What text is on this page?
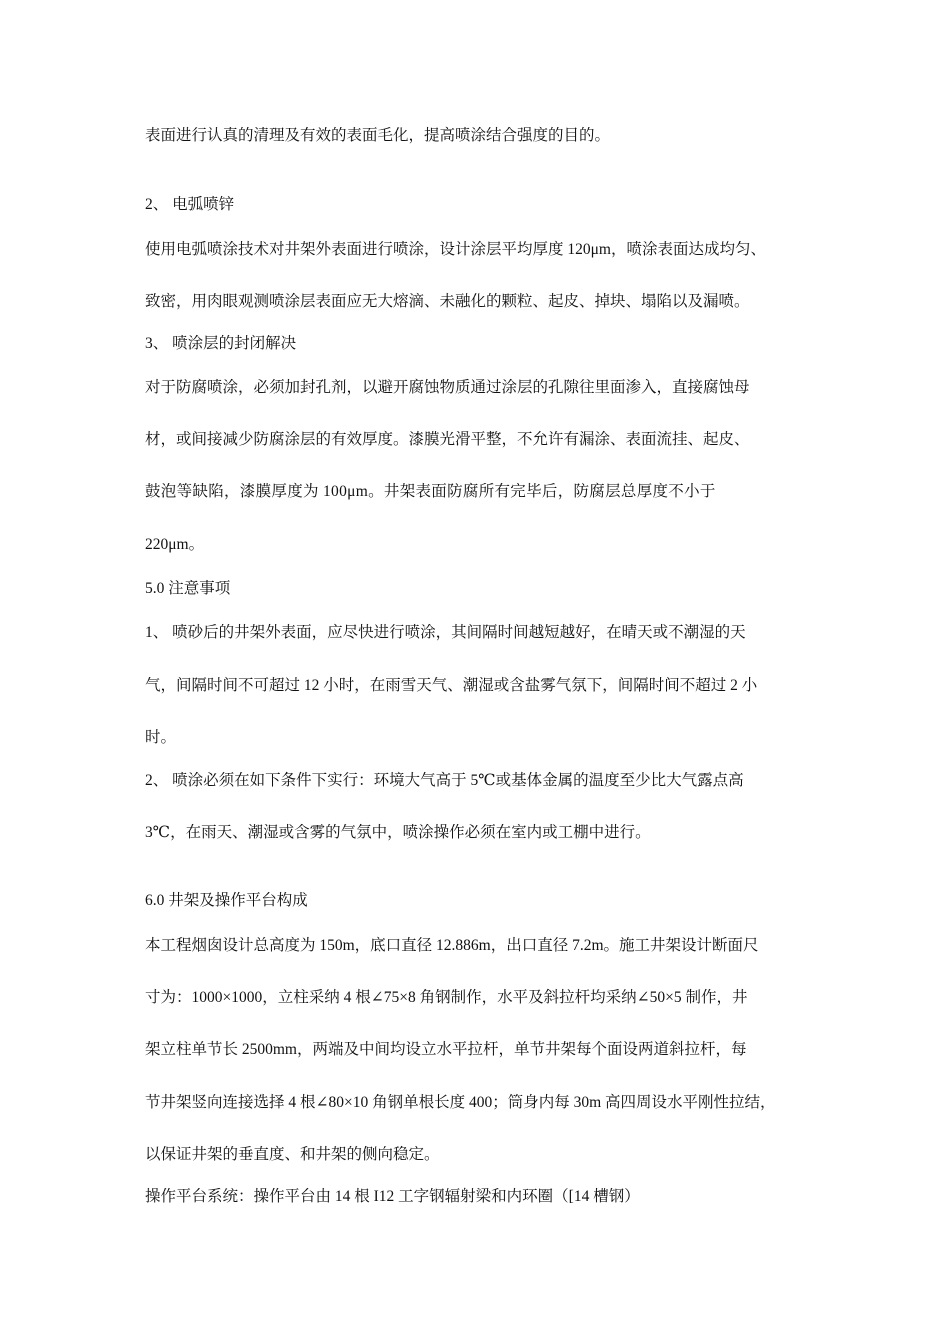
表面进行认真的清理及有效的表面毛化，提高喷涂结合强度的目的。
2、 电弧喷锌
使用电弧喷涂技术对井架外表面进行喷涂，设计涂层平均厚度 120μm，喷涂表面达成均匀、
致密，用肉眼观测喷涂层表面应无大熔滴、未融化的颗粒、起皮、掉块、塌陷以及漏喷。
3、 喷涂层的封闭解决
对于防腐喷涂，必须加封孔剂，以避开腐蚀物质通过涂层的孔隙往里面渗入，直接腐蚀母
材，或间接减少防腐涂层的有效厚度。漆膜光滑平整，不允许有漏涂、表面流挂、起皮、
鼓泡等缺陷，漆膜厚度为 100μm。井架表面防腐所有完毕后，防腐层总厚度不小于
220μm。
5.0 注意事项
1、 喷砂后的井架外表面，应尽快进行喷涂，其间隔时间越短越好，在晴天或不潮湿的天
气，间隔时间不可超过 12 小时，在雨雪天气、潮湿或含盐雾气氛下，间隔时间不超过 2 小
时。
2、 喷涂必须在如下条件下实行：环境大气高于 5℃或基体金属的温度至少比大气露点高
3℃，在雨天、潮湿或含雾的气氛中，喷涂操作必须在室内或工棚中进行。
6.0 井架及操作平台构成
本工程烟囱设计总高度为 150m，底口直径 12.886m，出口直径 7.2m。施工井架设计断面尺
寸为：1000×1000，立柱采纳 4 根∠75×8 角钢制作，水平及斜拉杆均采纳∠50×5 制作，井
架立柱单节长 2500mm，两端及中间均设立水平拉杆，单节井架每个面设两道斜拉杆，每
节井架竖向连接选择 4 根∠80×10 角钢单根长度 400；筒身内每 30m 高四周设水平刚性拉结，
以保证井架的垂直度、和井架的侧向稳定。
操作平台系统：操作平台由 14 根 I12 工字钢辐射梁和内环圈（[14 槽钢）
